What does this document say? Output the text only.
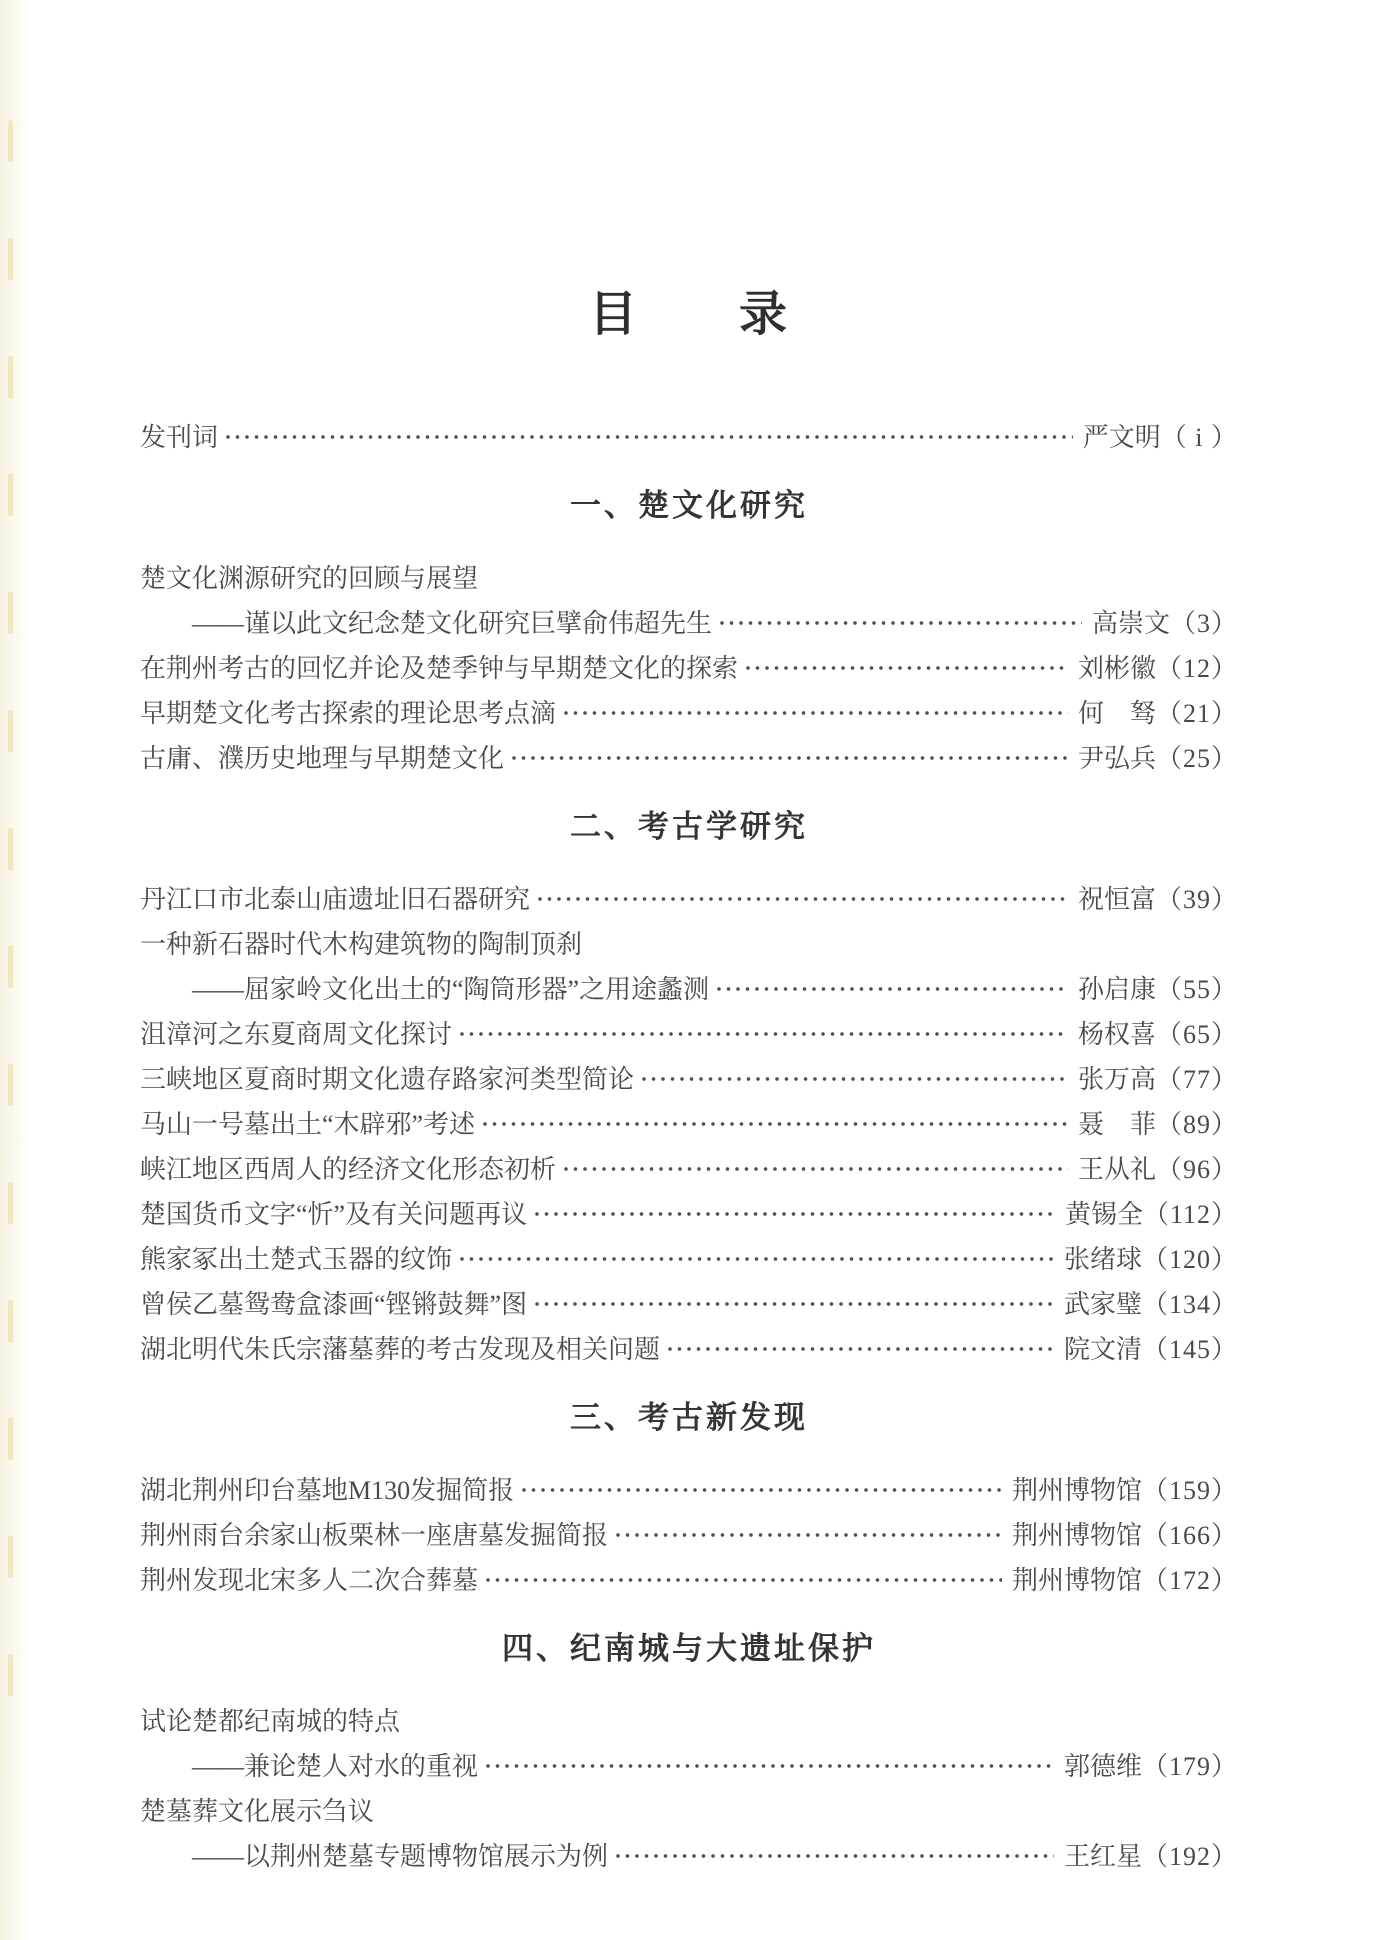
目　　录
发刊词	严文明 （ i ）
一、楚文化研究
楚文化渊源研究的回顾与展望
——谨以此文纪念楚文化研究巨擘俞伟超先生	高崇文 （3）
在荆州考古的回忆并论及楚季钟与早期楚文化的探索	刘彬徽 （12）
早期楚文化考古探索的理论思考点滴	何　驽 （21）
古庸、濮历史地理与早期楚文化	尹弘兵 （25）
二、考古学研究
丹江口市北泰山庙遗址旧石器研究	祝恒富 （39）
一种新石器时代木构建筑物的陶制顶刹
——屈家岭文化出土的“陶筒形器”之用途蠡测	孙启康 （55）
沮漳河之东夏商周文化探讨	杨权喜 （65）
三峡地区夏商时期文化遗存路家河类型简论	张万高 （77）
马山一号墓出土“木辟邪”考述	聂　菲 （89）
峡江地区西周人的经济文化形态初析	王从礼 （96）
楚国货币文字“忻”及有关问题再议	黄锡全 （112）
熊家冢出土楚式玉器的纹饰	张绪球 （120）
曾侯乙墓鸳鸯盒漆画“铿锵鼓舞”图	武家璧 （134）
湖北明代朱氏宗藩墓葬的考古发现及相关问题	院文清 （145）
三、考古新发现
湖北荆州印台墓地M130发掘简报	荆州博物馆 （159）
荆州雨台余家山板栗林一座唐墓发掘简报	荆州博物馆 （166）
荆州发现北宋多人二次合葬墓	荆州博物馆 （172）
四、纪南城与大遗址保护
试论楚都纪南城的特点
——兼论楚人对水的重视	郭德维 （179）
楚墓葬文化展示刍议
——以荆州楚墓专题博物馆展示为例	王红星 （192）
